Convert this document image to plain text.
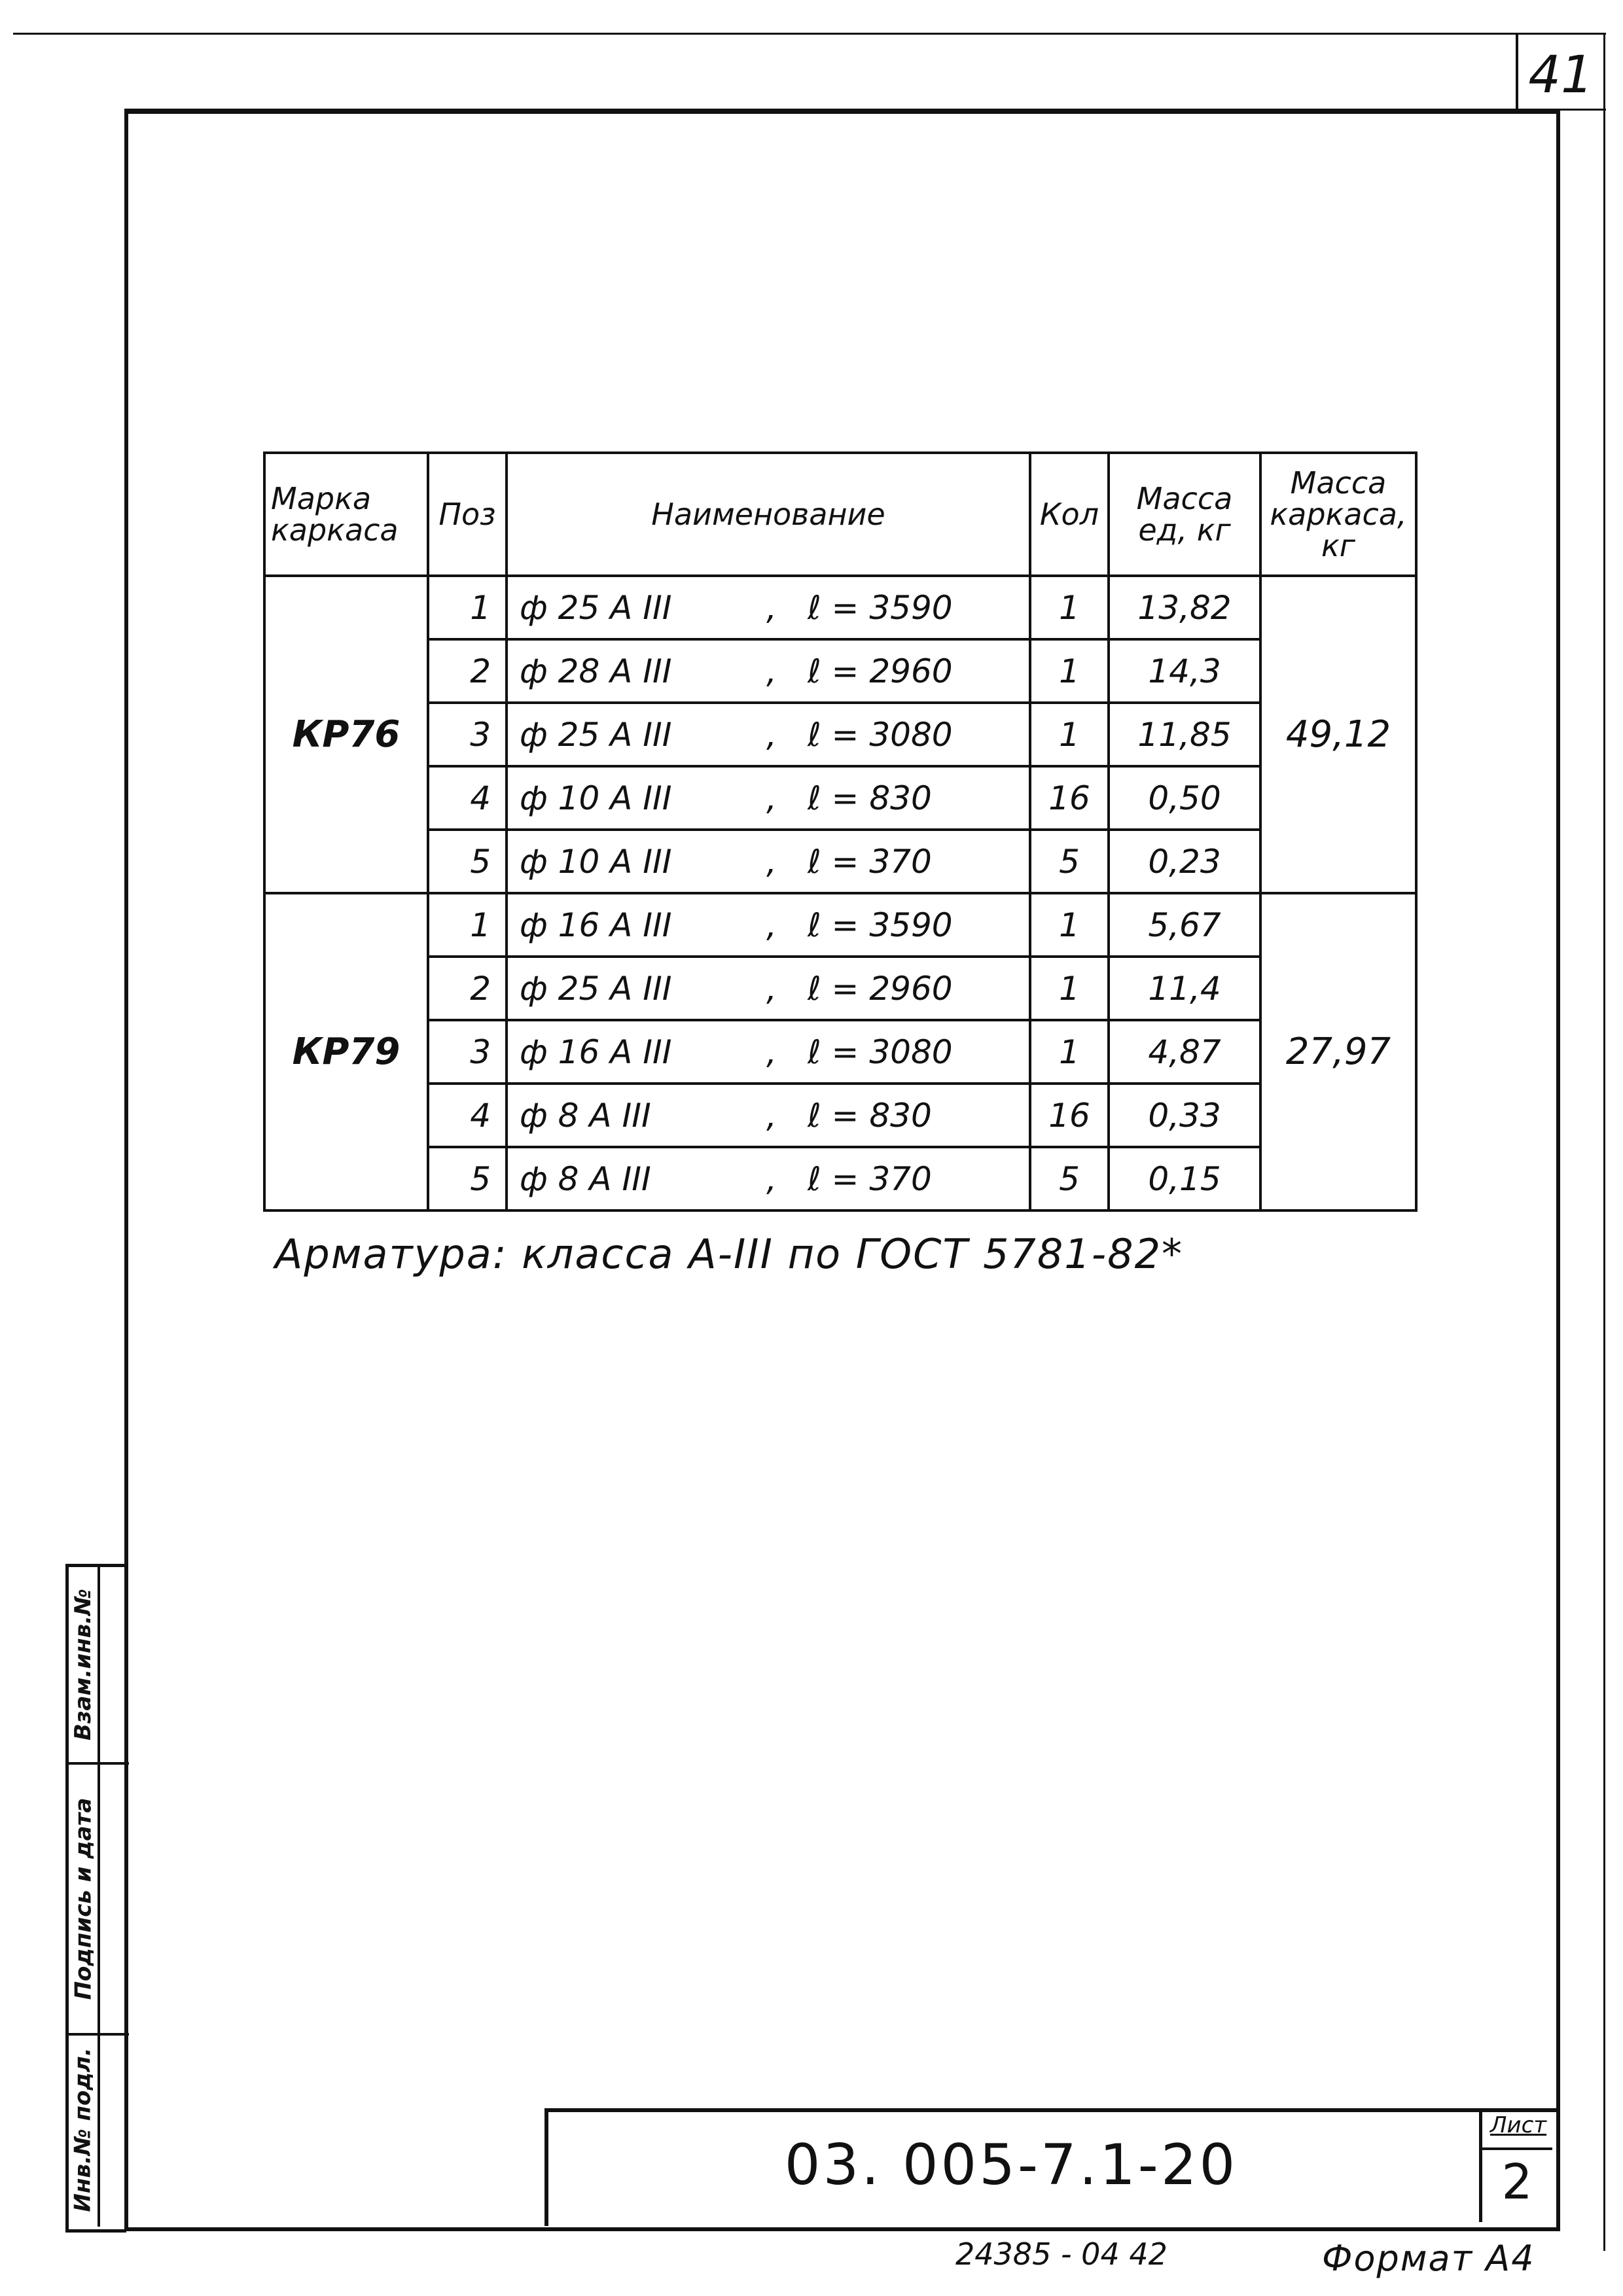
41
Взам.инв.№
Подпись и дата
Инв.№ подл.
Марка каркаса	Поз	Наименование	Кол	Масса ед, кг	Масса каркаса, кг
КР76	1	ф 25 А III , ℓ = 3590	1	13,82	49,12
	2	ф 28 А III , ℓ = 2960	1	14,3	
	3	ф 25 А III , ℓ = 3080	1	11,85	
	4	ф 10 А III , ℓ = 830	16	0,50	
	5	ф 10 А III , ℓ = 370	5	0,23	
КР79	1	ф 16 А III , ℓ = 3590	1	5,67	27,97
	2	ф 25 А III , ℓ = 2960	1	11,4	
	3	ф 16 А III , ℓ = 3080	1	4,87	
	4	ф 8 А III , ℓ = 830	16	0,33	
	5	ф 8 А III , ℓ = 370	5	0,15	
Арматура: класса А-III по ГОСТ 5781-82*
03. 005-7.1-20
Лист
2
24385 - 04 42	Формат А4
